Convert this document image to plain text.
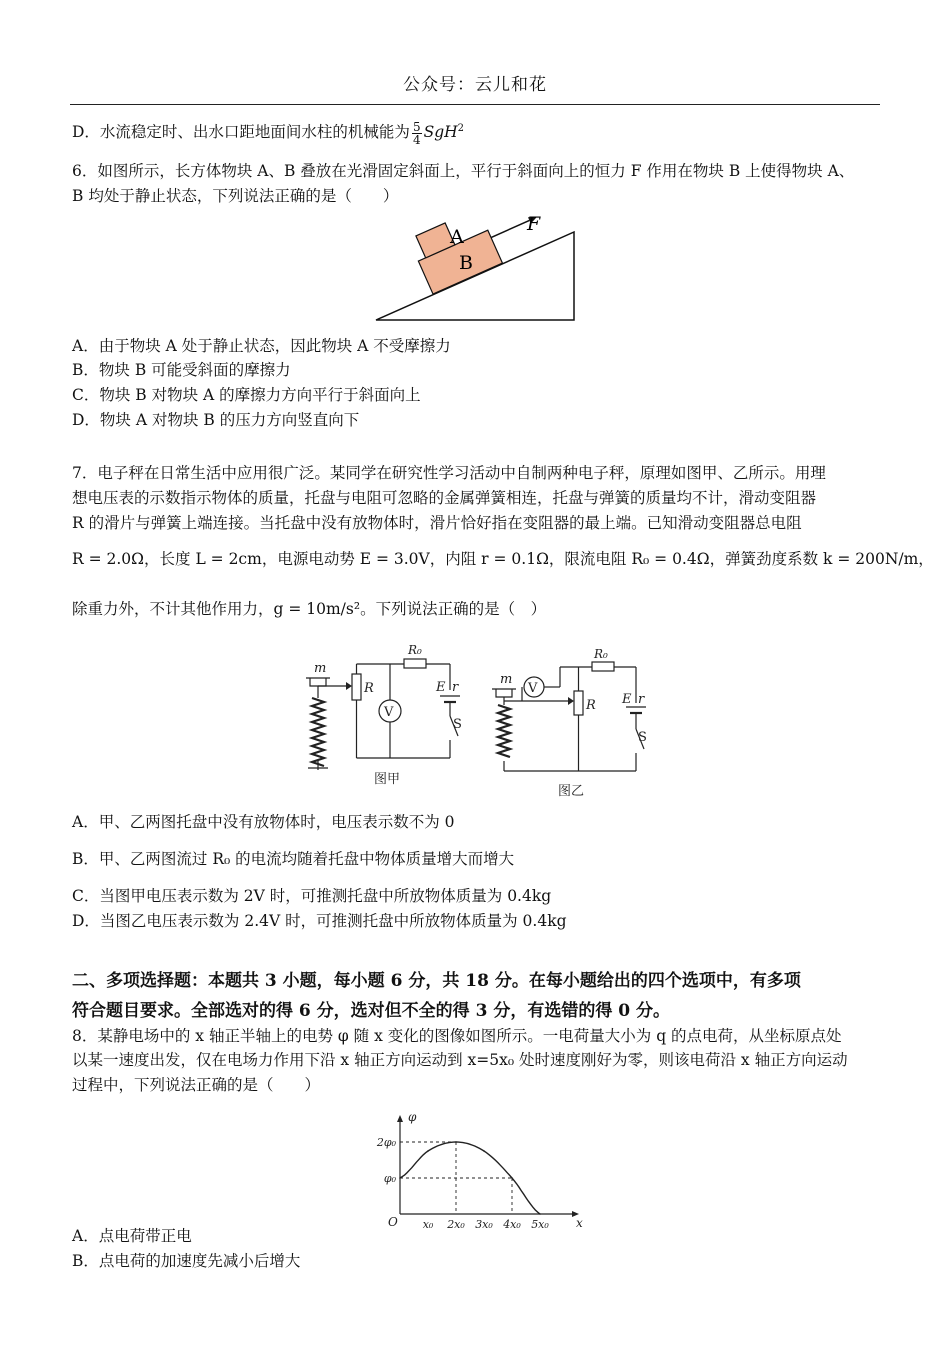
公众号：云儿和花
D．水流稳定时、出水口距地面间水柱的机械能为 $\frac{5}{4} SgH^2$
6．如图所示，长方体物块 A、B 叠放在光滑固定斜面上，平行于斜面向上的恒力 F 作用在物块 B 上使得物块 A、
B 均处于静止状态，下列说法正确的是（　　）
A
B
F
A．由于物块 A 处于静止状态，因此物块 A 不受摩擦力
B．物块 B 可能受斜面的摩擦力
C．物块 B 对物块 A 的摩擦力方向平行于斜面向上
D．物块 A 对物块 B 的压力方向竖直向下
7．电子秤在日常生活中应用很广泛。某同学在研究性学习活动中自制两种电子秤，原理如图甲、乙所示。用理
想电压表的示数指示物体的质量，托盘与电阻可忽略的金属弹簧相连，托盘与弹簧的质量均不计，滑动变阻器
R 的滑片与弹簧上端连接。当托盘中没有放物体时，滑片恰好指在变阻器的最上端。已知滑动变阻器总电阻
R = 2.0Ω，长度 L = 2cm，电源电动势 E = 3.0V，内阻 r = 0.1Ω，限流电阻 R₀ = 0.4Ω，弹簧劲度系数 k = 200N/m，
除重力外，不计其他作用力，g = 10m/s²。下列说法正确的是（　）
m
R
R₀
V
E r
S
图甲
m
R
V
R₀
E r
S
图乙
A．甲、乙两图托盘中没有放物体时，电压表示数不为 0
B．甲、乙两图流过 R₀ 的电流均随着托盘中物体质量增大而增大
C．当图甲电压表示数为 2V 时，可推测托盘中所放物体质量为 0.4kg
D．当图乙电压表示数为 2.4V 时，可推测托盘中所放物体质量为 0.4kg
二、多项选择题：本题共 3 小题，每小题 6 分，共 18 分。在每小题给出的四个选项中，有多项
符合题目要求。全部选对的得 6 分，选对但不全的得 3 分，有选错的得 0 分。
8．某静电场中的 x 轴正半轴上的电势 φ 随 x 变化的图像如图所示。一电荷量大小为 q 的点电荷，从坐标原点处
以某一速度出发，仅在电场力作用下沿 x 轴正方向运动到 x=5x₀ 处时速度刚好为零，则该电荷沿 x 轴正方向运动
过程中，下列说法正确的是（　　）
x₀ 2x₀ 3x₀ 4x₀ 5x₀
φ₀
2φ₀
O	x
φ
A．点电荷带正电
B．点电荷的加速度先减小后增大
